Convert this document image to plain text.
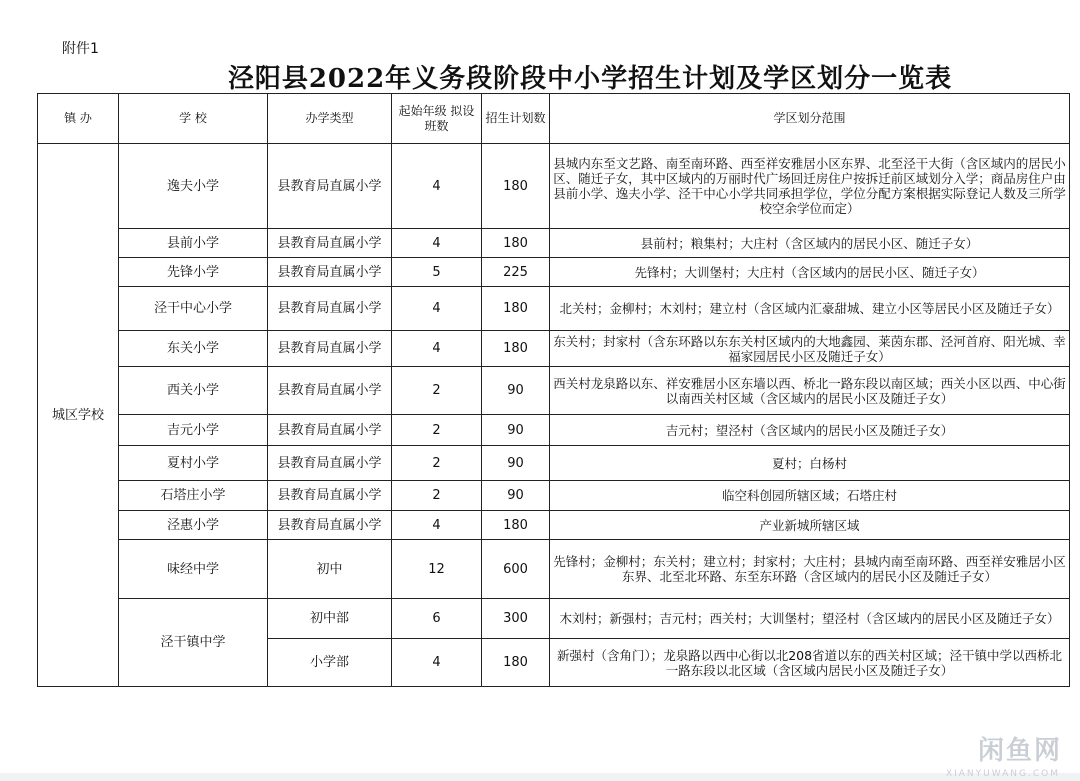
附件1
泾阳县2022年义务段阶段中小学招生计划及学区划分一览表
镇 办	学 校	办学类型	起始年级 拟设班数	招生计划数	学区划分范围
城区学校	逸夫小学	县教育局直属小学	4	180	县城内东至文艺路、南至南环路、西至祥安雅居小区东界、北至泾干大街（含区域内的居民小区、随迁子女，其中区域内的万丽时代广场回迁房住户按拆迁前区域划分入学；商品房住户由县前小学、逸夫小学、泾干中心小学共同承担学位，学位分配方案根据实际登记人数及三所学校空余学位而定）
	县前小学	县教育局直属小学	4	180	县前村；粮集村；大庄村（含区域内的居民小区、随迁子女）
	先锋小学	县教育局直属小学	5	225	先锋村；大训堡村；大庄村（含区域内的居民小区、随迁子女）
	泾干中心小学	县教育局直属小学	4	180	北关村；金柳村；木刘村；建立村（含区域内汇豪甜城、建立小区等居民小区及随迁子女）
	东关小学	县教育局直属小学	4	180	东关村；封家村（含东环路以东东关村区域内的大地鑫园、莱茵东郡、泾河首府、阳光城、幸福家园居民小区及随迁子女）
	西关小学	县教育局直属小学	2	90	西关村龙泉路以东、祥安雅居小区东墙以西、桥北一路东段以南区域；西关小区以西、中心街以南西关村区域（含区域内的居民小区及随迁子女）
	吉元小学	县教育局直属小学	2	90	吉元村；望泾村（含区域内的居民小区及随迁子女）
	夏村小学	县教育局直属小学	2	90	夏村；白杨村
	石塔庄小学	县教育局直属小学	2	90	临空科创园所辖区域；石塔庄村
	泾惠小学	县教育局直属小学	4	180	产业新城所辖区域
	味经中学	初中	12	600	先锋村；金柳村；东关村；建立村；封家村；大庄村；县城内南至南环路、西至祥安雅居小区东界、北至北环路、东至东环路（含区域内的居民小区及随迁子女）
	泾干镇中学	初中部	6	300	木刘村；新强村；吉元村；西关村；大训堡村；望泾村（含区域内的居民小区及随迁子女）
		小学部	4	180	新强村（含角门）；龙泉路以西中心街以北208省道以东的西关村区域；泾干镇中学以西桥北一路东段以北区域（含区域内居民小区及随迁子女）
闲鱼网
XIANYUWANG.COM
